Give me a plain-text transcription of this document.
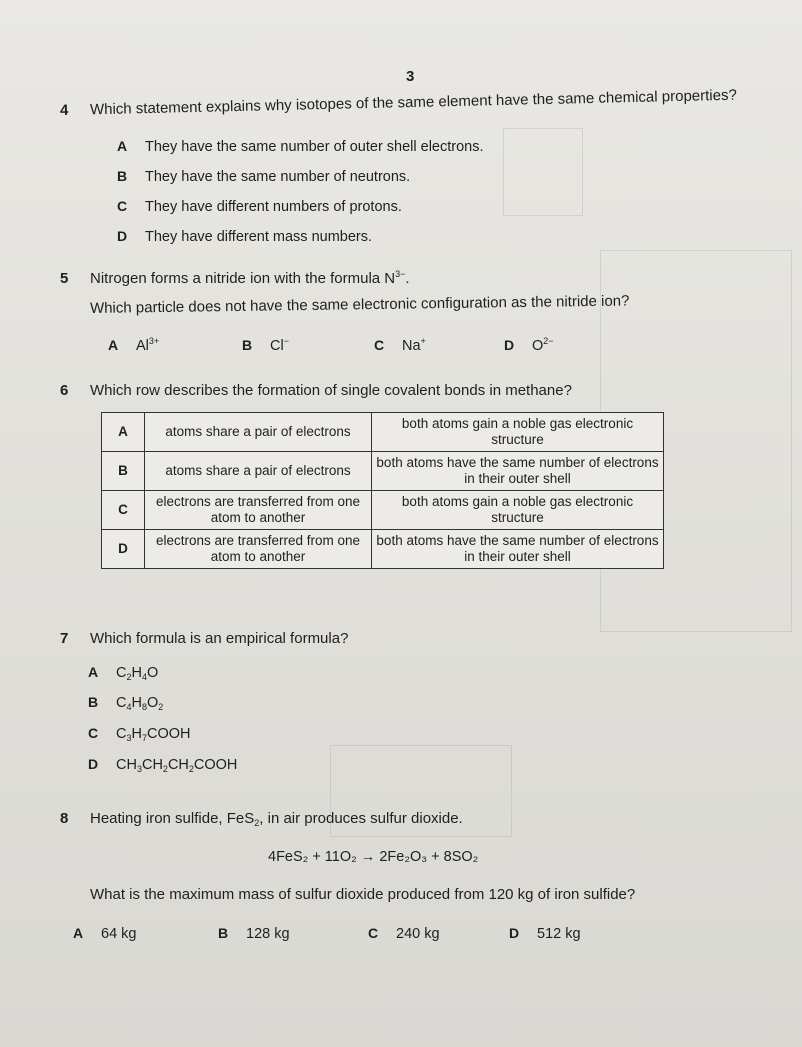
3
4 Which statement explains why isotopes of the same element have the same chemical properties?
A They have the same number of outer shell electrons.
B They have the same number of neutrons.
C They have different numbers of protons.
D They have different mass numbers.
5 Nitrogen forms a nitride ion with the formula $N^{3-}$.
Which particle does not have the same electronic configuration as the nitride ion?
A $Al^{3+}$	B Cl−	C Na+	D $O^{2-}$
6 Which row describes the formation of single covalent bonds in methane?
A	atoms share a pair of electrons	both atoms gain a noble gas electronic structure
B	atoms share a pair of electrons	both atoms have the same number of electrons in their outer shell
C	electrons are transferred from one atom to another	both atoms gain a noble gas electronic structure
D	electrons are transferred from one atom to another	both atoms have the same number of electrons in their outer shell
7 Which formula is an empirical formula?
A $C_2H_4O$
B $C_4H_8O_2$
C $C_3H_7COOH$
D $CH_3CH_2CH_2COOH$
8 Heating iron sulfide, FeS$_2$, in air produces sulfur dioxide.
4FeS₂ + 11O₂ → 2Fe₂O₃ + 8SO₂
What is the maximum mass of sulfur dioxide produced from 120 kg of iron sulfide?
A 64 kg	B 128 kg	C 240 kg	D 512 kg
